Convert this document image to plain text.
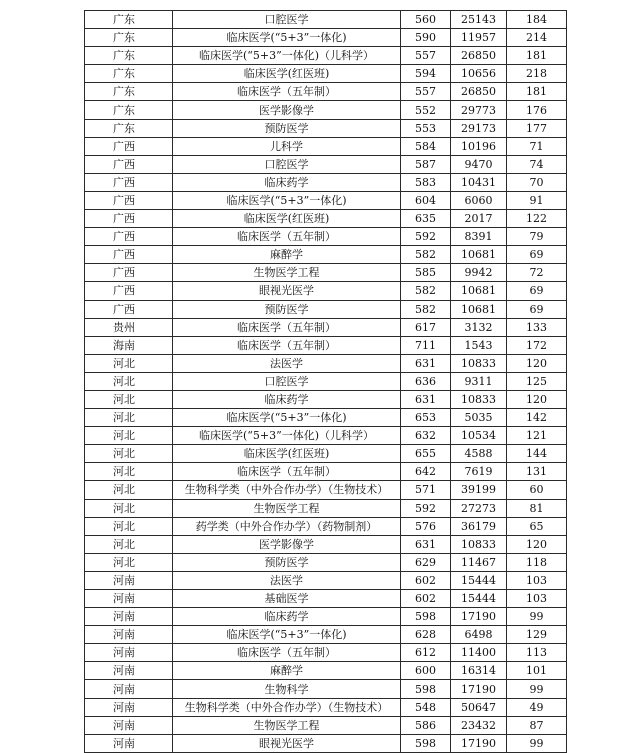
广东	口腔医学	560	25143	184
广东	临床医学(“5+3”一体化)	590	11957	214
广东	临床医学(“5+3”一体化)（儿科学）	557	26850	181
广东	临床医学(红医班)	594	10656	218
广东	临床医学（五年制）	557	26850	181
广东	医学影像学	552	29773	176
广东	预防医学	553	29173	177
广西	儿科学	584	10196	71
广西	口腔医学	587	9470	74
广西	临床药学	583	10431	70
广西	临床医学(“5+3”一体化)	604	6060	91
广西	临床医学(红医班)	635	2017	122
广西	临床医学（五年制）	592	8391	79
广西	麻醉学	582	10681	69
广西	生物医学工程	585	9942	72
广西	眼视光医学	582	10681	69
广西	预防医学	582	10681	69
贵州	临床医学（五年制）	617	3132	133
海南	临床医学（五年制）	711	1543	172
河北	法医学	631	10833	120
河北	口腔医学	636	9311	125
河北	临床药学	631	10833	120
河北	临床医学(“5+3”一体化)	653	5035	142
河北	临床医学(“5+3”一体化)（儿科学）	632	10534	121
河北	临床医学(红医班)	655	4588	144
河北	临床医学（五年制）	642	7619	131
河北	生物科学类（中外合作办学）（生物技术）	571	39199	60
河北	生物医学工程	592	27273	81
河北	药学类（中外合作办学）（药物制剂）	576	36179	65
河北	医学影像学	631	10833	120
河北	预防医学	629	11467	118
河南	法医学	602	15444	103
河南	基础医学	602	15444	103
河南	临床药学	598	17190	99
河南	临床医学(“5+3”一体化)	628	6498	129
河南	临床医学（五年制）	612	11400	113
河南	麻醉学	600	16314	101
河南	生物科学	598	17190	99
河南	生物科学类（中外合作办学）（生物技术）	548	50647	49
河南	生物医学工程	586	23432	87
河南	眼视光医学	598	17190	99
